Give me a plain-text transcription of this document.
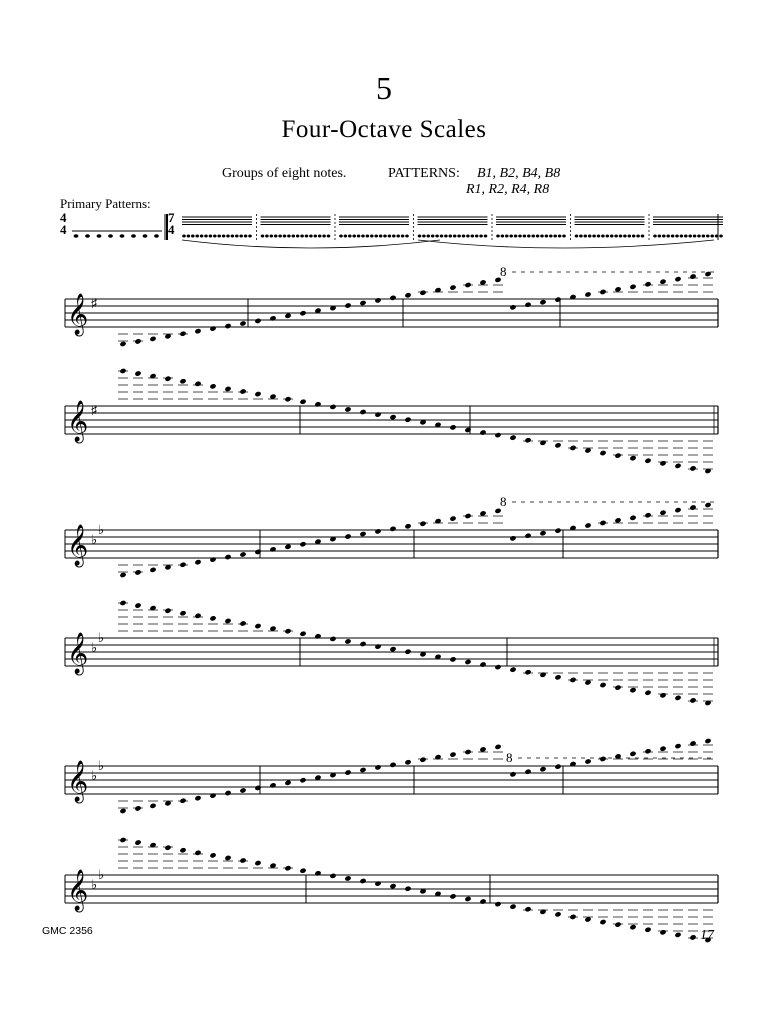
5
Four-Octave Scales
Groups of eight notes.	PATTERNS: B1, B2, B4, B8
R1, R2, R4, R8
Primary Patterns:
4
4
7
4
𝄞 ♯
𝄞 ♯
𝄞 ♭
♭
𝄞 ♭
♭
𝄞 ♭
♭
𝄞 ♭
♭
8
8
8
GMC 2356	17
